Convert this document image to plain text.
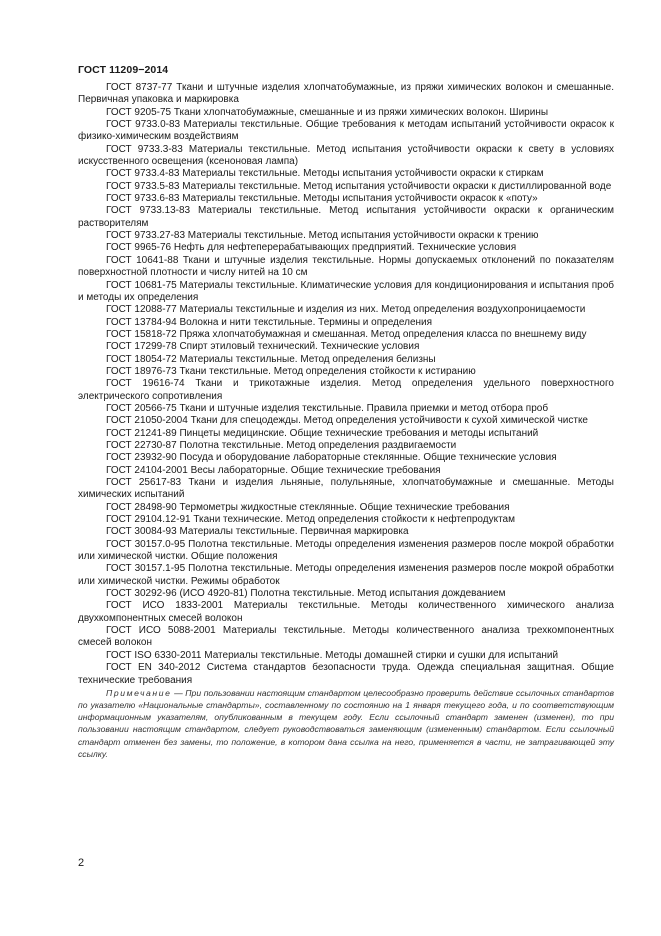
ГОСТ 11209−2014

ГОСТ 8737-77 Ткани и штучные изделия хлопчатобумажные, из пряжи химических волокон и смешанные. Первичная упаковка и маркировка

ГОСТ 9205-75 Ткани хлопчатобумажные, смешанные и из пряжи химических волокон. Ширины

ГОСТ 9733.0-83 Материалы текстильные. Общие требования к методам испытаний устойчивости окрасок к физико-химическим воздействиям

ГОСТ 9733.3-83 Материалы текстильные. Метод испытания устойчивости окраски к свету в условиях искусственного освещения (ксеноновая лампа)

ГОСТ 9733.4-83 Материалы текстильные. Методы испытания устойчивости окраски к стиркам

ГОСТ 9733.5-83 Материалы текстильные. Метод испытания устойчивости окраски к дистиллированной воде

ГОСТ 9733.6-83 Материалы текстильные. Методы испытания устойчивости окрасок к «поту»

ГОСТ 9733.13-83 Материалы текстильные. Метод испытания устойчивости окраски к органическим растворителям

ГОСТ 9733.27-83 Материалы текстильные. Метод испытания устойчивости окраски к трению

ГОСТ 9965-76 Нефть для нефтеперерабатывающих предприятий. Технические условия

ГОСТ 10641-88 Ткани и штучные изделия текстильные. Нормы допускаемых отклонений по показателям поверхностной плотности и числу нитей на 10 см

ГОСТ 10681-75 Материалы текстильные. Климатические условия для кондиционирования и испытания проб и методы их определения

ГОСТ 12088-77 Материалы текстильные и изделия из них. Метод определения воздухопроницаемости

ГОСТ 13784-94 Волокна и нити текстильные. Термины и определения

ГОСТ 15818-72 Пряжа хлопчатобумажная и смешанная. Метод определения класса по внешнему виду

ГОСТ 17299-78 Спирт этиловый технический. Технические условия

ГОСТ 18054-72 Материалы текстильные. Метод определения белизны

ГОСТ 18976-73 Ткани текстильные. Метод определения стойкости к истиранию

ГОСТ 19616-74 Ткани и трикотажные изделия. Метод определения удельного поверхностного электрического сопротивления

ГОСТ 20566-75 Ткани и штучные изделия текстильные. Правила приемки и метод отбора проб

ГОСТ 21050-2004 Ткани для спецодежды. Метод определения устойчивости к сухой химической чистке

ГОСТ 21241-89 Пинцеты медицинские. Общие технические требования и методы испытаний

ГОСТ 22730-87 Полотна текстильные. Метод определения раздвигаемости

ГОСТ 23932-90 Посуда и оборудование лабораторные стеклянные. Общие технические условия

ГОСТ 24104-2001 Весы лабораторные. Общие технические требования

ГОСТ 25617-83 Ткани и изделия льняные, полульняные, хлопчатобумажные и смешанные. Методы химических испытаний

ГОСТ 28498-90 Термометры жидкостные стеклянные. Общие технические требования

ГОСТ 29104.12-91 Ткани технические. Метод определения стойкости к нефтепродуктам

ГОСТ 30084-93 Материалы текстильные. Первичная маркировка

ГОСТ 30157.0-95 Полотна текстильные. Методы определения изменения размеров после мокрой обработки или химической чистки. Общие положения

ГОСТ 30157.1-95 Полотна текстильные. Методы определения изменения размеров после мокрой обработки или химической чистки. Режимы обработок

ГОСТ 30292-96 (ИСО 4920-81) Полотна текстильные. Метод испытания дождеванием

ГОСТ ИСО 1833-2001 Материалы текстильные. Методы количественного химического анализа двухкомпонентных смесей волокон

ГОСТ ИСО 5088-2001 Материалы текстильные. Методы количественного анализа трехкомпонентных смесей волокон

ГОСТ ISO 6330-2011 Материалы текстильные. Методы домашней стирки и сушки для испытаний

ГОСТ EN 340-2012 Система стандартов безопасности труда. Одежда специальная защитная. Общие технические требования

Примечание — При пользовании настоящим стандартом целесообразно проверить действие ссылочных стандартов по указателю «Национальные стандарты», составленному по состоянию на 1 января текущего года, и по соответствующим информационным указателям, опубликованным в текущем году. Если ссылочный стандарт заменен (изменен), то при пользовании настоящим стандартом, следует руководствоваться заменяющим (измененным) стандартом. Если ссылочный стандарт отменен без замены, то положение, в котором дана ссылка на него, применяется в части, не затрагивающей эту ссылку.

2
